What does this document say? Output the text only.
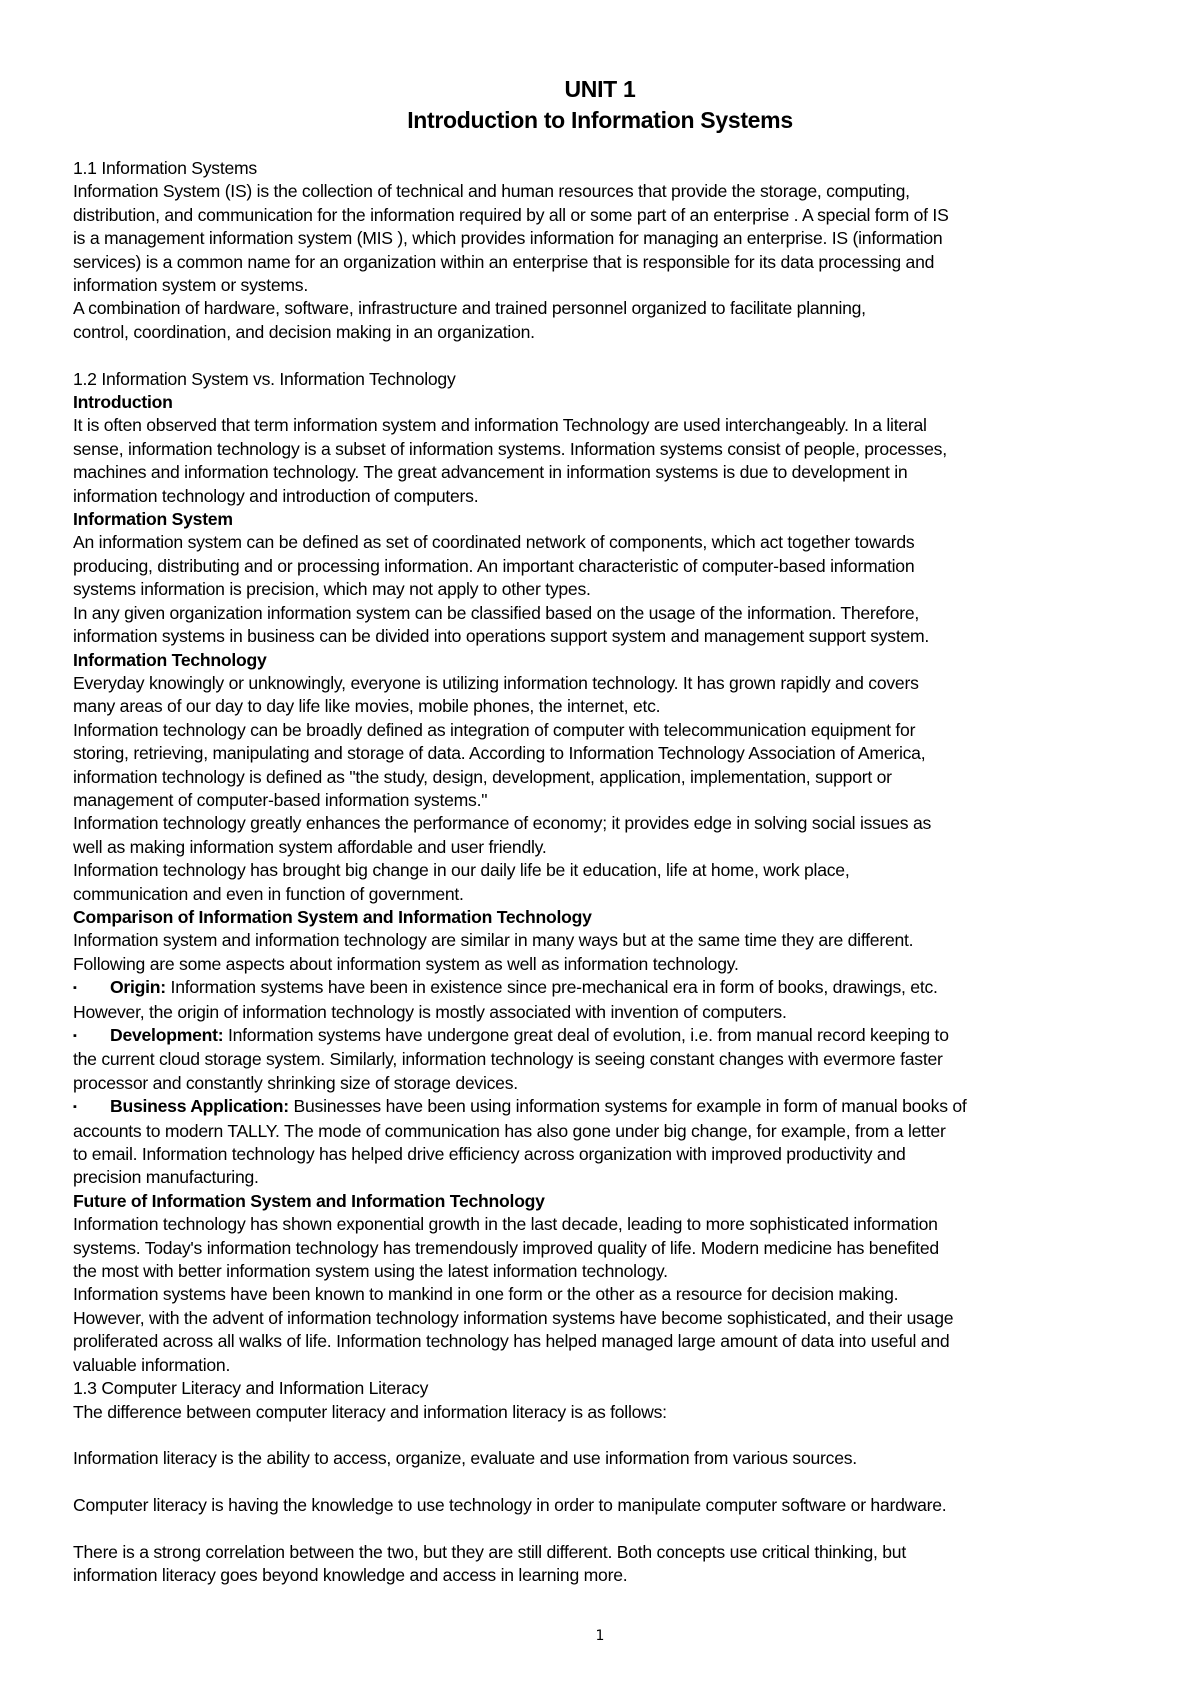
UNIT 1
Introduction to Information Systems
1.1 Information Systems
Information System (IS) is the collection of technical and human resources that provide the storage, computing,
distribution, and communication for the information required by all or some part of an enterprise . A special form of IS
is a management information system (MIS ), which provides information for managing an enterprise. IS (information
services) is a common name for an organization within an enterprise that is responsible for its data processing and
information system or systems.
A combination of hardware, software, infrastructure and trained personnel organized to facilitate planning,
control, coordination, and decision making in an organization.
1.2 Information System vs. Information Technology
Introduction
It is often observed that term information system and information Technology are used interchangeably. In a literal
sense, information technology is a subset of information systems. Information systems consist of people, processes,
machines and information technology. The great advancement in information systems is due to development in
information technology and introduction of computers.
Information System
An information system can be defined as set of coordinated network of components, which act together towards
producing, distributing and or processing information. An important characteristic of computer-based information
systems information is precision, which may not apply to other types.
In any given organization information system can be classified based on the usage of the information. Therefore,
information systems in business can be divided into operations support system and management support system.
Information Technology
Everyday knowingly or unknowingly, everyone is utilizing information technology. It has grown rapidly and covers
many areas of our day to day life like movies, mobile phones, the internet, etc.
Information technology can be broadly defined as integration of computer with telecommunication equipment for
storing, retrieving, manipulating and storage of data. According to Information Technology Association of America,
information technology is defined as "the study, design, development, application, implementation, support or
management of computer-based information systems."
Information technology greatly enhances the performance of economy; it provides edge in solving social issues as
well as making information system affordable and user friendly.
Information technology has brought big change in our daily life be it education, life at home, work place,
communication and even in function of government.
Comparison of Information System and Information Technology
Information system and information technology are similar in many ways but at the same time they are different.
Following are some aspects about information system as well as information technology.
▪ Origin: Information systems have been in existence since pre-mechanical era in form of books, drawings, etc.
However, the origin of information technology is mostly associated with invention of computers.
▪ Development: Information systems have undergone great deal of evolution, i.e. from manual record keeping to
the current cloud storage system. Similarly, information technology is seeing constant changes with evermore faster
processor and constantly shrinking size of storage devices.
▪ Business Application: Businesses have been using information systems for example in form of manual books of
accounts to modern TALLY. The mode of communication has also gone under big change, for example, from a letter
to email. Information technology has helped drive efficiency across organization with improved productivity and
precision manufacturing.
Future of Information System and Information Technology
Information technology has shown exponential growth in the last decade, leading to more sophisticated information
systems. Today's information technology has tremendously improved quality of life. Modern medicine has benefited
the most with better information system using the latest information technology.
Information systems have been known to mankind in one form or the other as a resource for decision making.
However, with the advent of information technology information systems have become sophisticated, and their usage
proliferated across all walks of life. Information technology has helped managed large amount of data into useful and
valuable information.
1.3 Computer Literacy and Information Literacy
The difference between computer literacy and information literacy is as follows:
Information literacy is the ability to access, organize, evaluate and use information from various sources.
Computer literacy is having the knowledge to use technology in order to manipulate computer software or hardware.
There is a strong correlation between the two, but they are still different. Both concepts use critical thinking, but
information literacy goes beyond knowledge and access in learning more.
1
